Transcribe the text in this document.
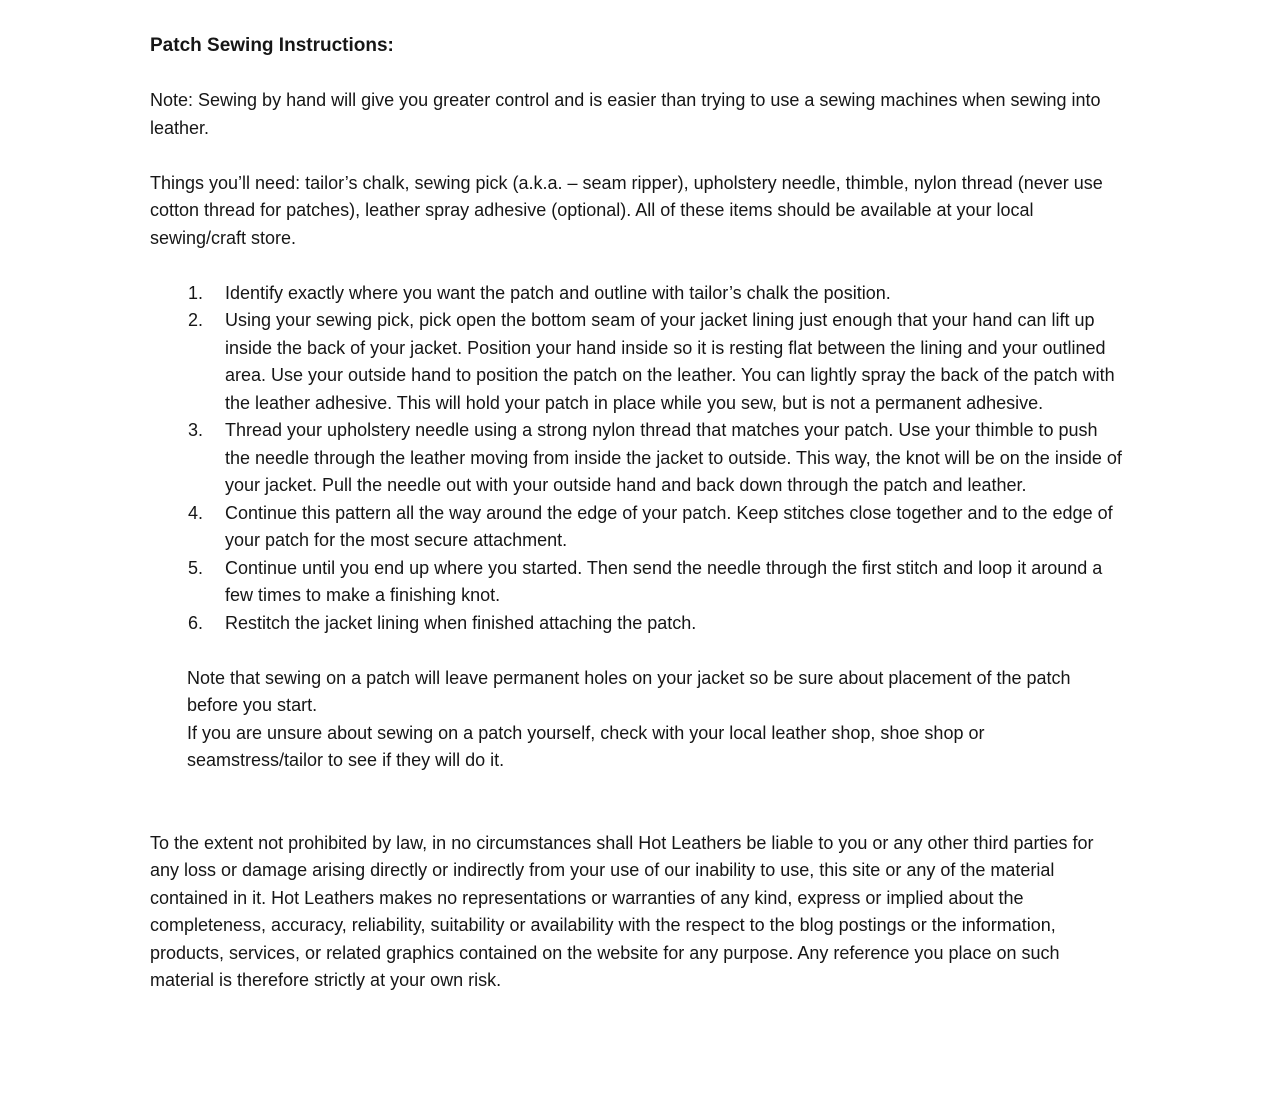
Patch Sewing Instructions:

Note: Sewing by hand will give you greater control and is easier than trying to use a sewing machines when sewing into leather.

Things you’ll need: tailor’s chalk, sewing pick (a.k.a. – seam ripper), upholstery needle, thimble, nylon thread (never use cotton thread for patches), leather spray adhesive (optional). All of these items should be available at your local sewing/craft store.

1.	Identify exactly where you want the patch and outline with tailor’s chalk the position.
2.	Using your sewing pick, pick open the bottom seam of your jacket lining just enough that your hand can lift up inside the back of your jacket. Position your hand inside so it is resting flat between the lining and your outlined area. Use your outside hand to position the patch on the leather. You can lightly spray the back of the patch with the leather adhesive. This will hold your patch in place while you sew, but is not a permanent adhesive.
3.	Thread your upholstery needle using a strong nylon thread that matches your patch. Use your thimble to push the needle through the leather moving from inside the jacket to outside. This way, the knot will be on the inside of your jacket. Pull the needle out with your outside hand and back down through the patch and leather.
4.	Continue this pattern all the way around the edge of your patch. Keep stitches close together and to the edge of your patch for the most secure attachment.
5.	Continue until you end up where you started. Then send the needle through the first stitch and loop it around a few times to make a finishing knot.
6.	Restitch the jacket lining when finished attaching the patch.

Note that sewing on a patch will leave permanent holes on your jacket so be sure about placement of the patch before you start.

If you are unsure about sewing on a patch yourself, check with your local leather shop, shoe shop or seamstress/tailor to see if they will do it.

To the extent not prohibited by law, in no circumstances shall Hot Leathers be liable to you or any other third parties for any loss or damage arising directly or indirectly from your use of our inability to use, this site or any of the material contained in it. Hot Leathers makes no representations or warranties of any kind, express or implied about the completeness, accuracy, reliability, suitability or availability with the respect to the blog postings or the information, products, services, or related graphics contained on the website for any purpose. Any reference you place on such material is therefore strictly at your own risk.
